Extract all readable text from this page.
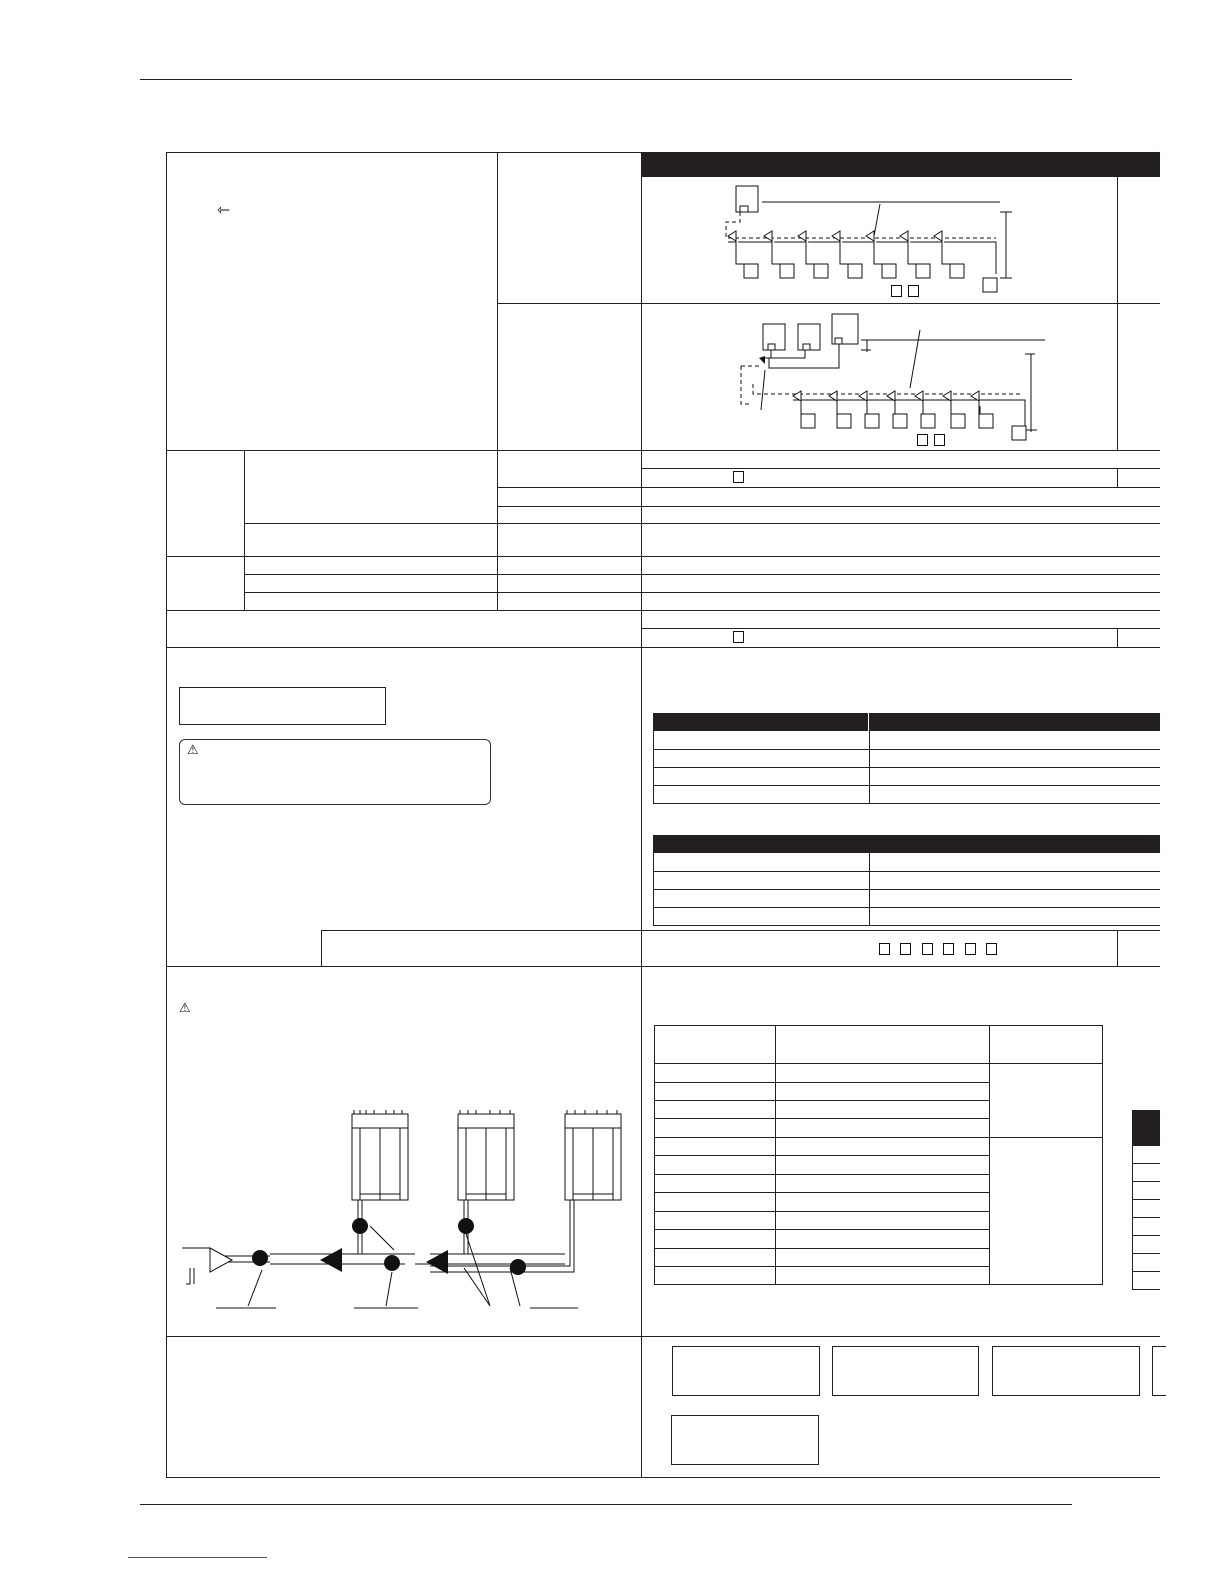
⇽
⚠
⚠
